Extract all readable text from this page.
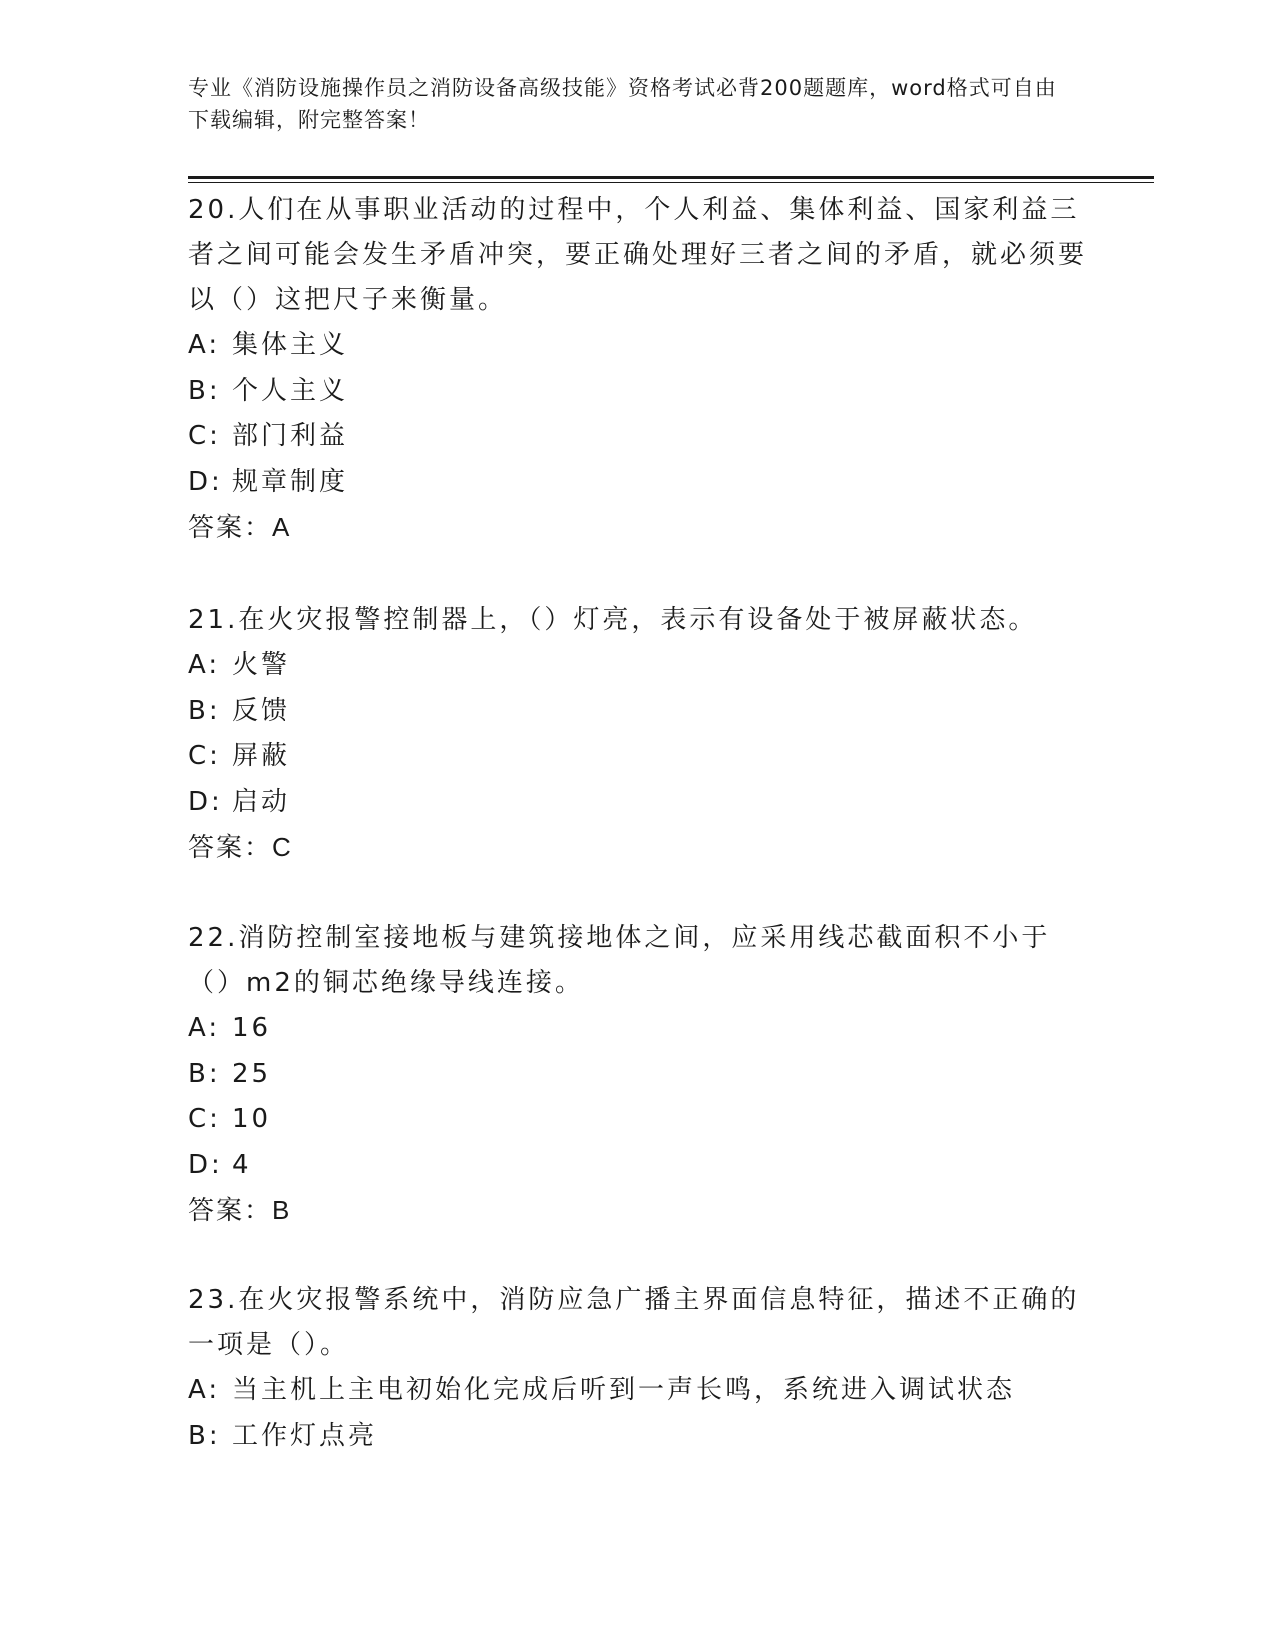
专业《消防设施操作员之消防设备高级技能》资格考试必背200题题库，word格式可自由下载编辑，附完整答案！

20.人们在从事职业活动的过程中，个人利益、集体利益、国家利益三者之间可能会发生矛盾冲突，要正确处理好三者之间的矛盾，就必须要以（）这把尺子来衡量。

A: 集体主义

B: 个人主义

C: 部门利益

D: 规章制度

答案：A

21.在火灾报警控制器上，（）灯亮，表示有设备处于被屏蔽状态。

A: 火警

B: 反馈

C: 屏蔽

D: 启动

答案：C

22.消防控制室接地板与建筑接地体之间，应采用线芯截面积不小于（）m2的铜芯绝缘导线连接。

A: 16

B: 25

C: 10

D: 4

答案：B

23.在火灾报警系统中，消防应急广播主界面信息特征，描述不正确的一项是（）。

A: 当主机上主电初始化完成后听到一声长鸣，系统进入调试状态

B: 工作灯点亮
